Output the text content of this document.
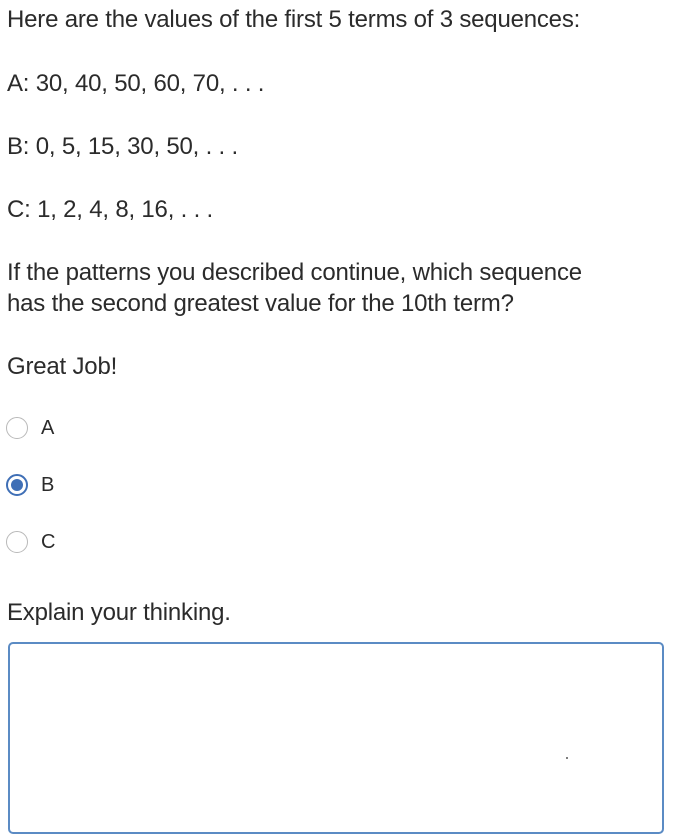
Here are the values of the first 5 terms of 3 sequences:
A: 30, 40, 50, 60, 70, . . .
B: 0, 5, 15, 30, 50, . . .
C: 1, 2, 4, 8, 16, . . .
If the patterns you described continue, which sequence
has the second greatest value for the 10th term?
Great Job!
A
B
C
Explain your thinking.
